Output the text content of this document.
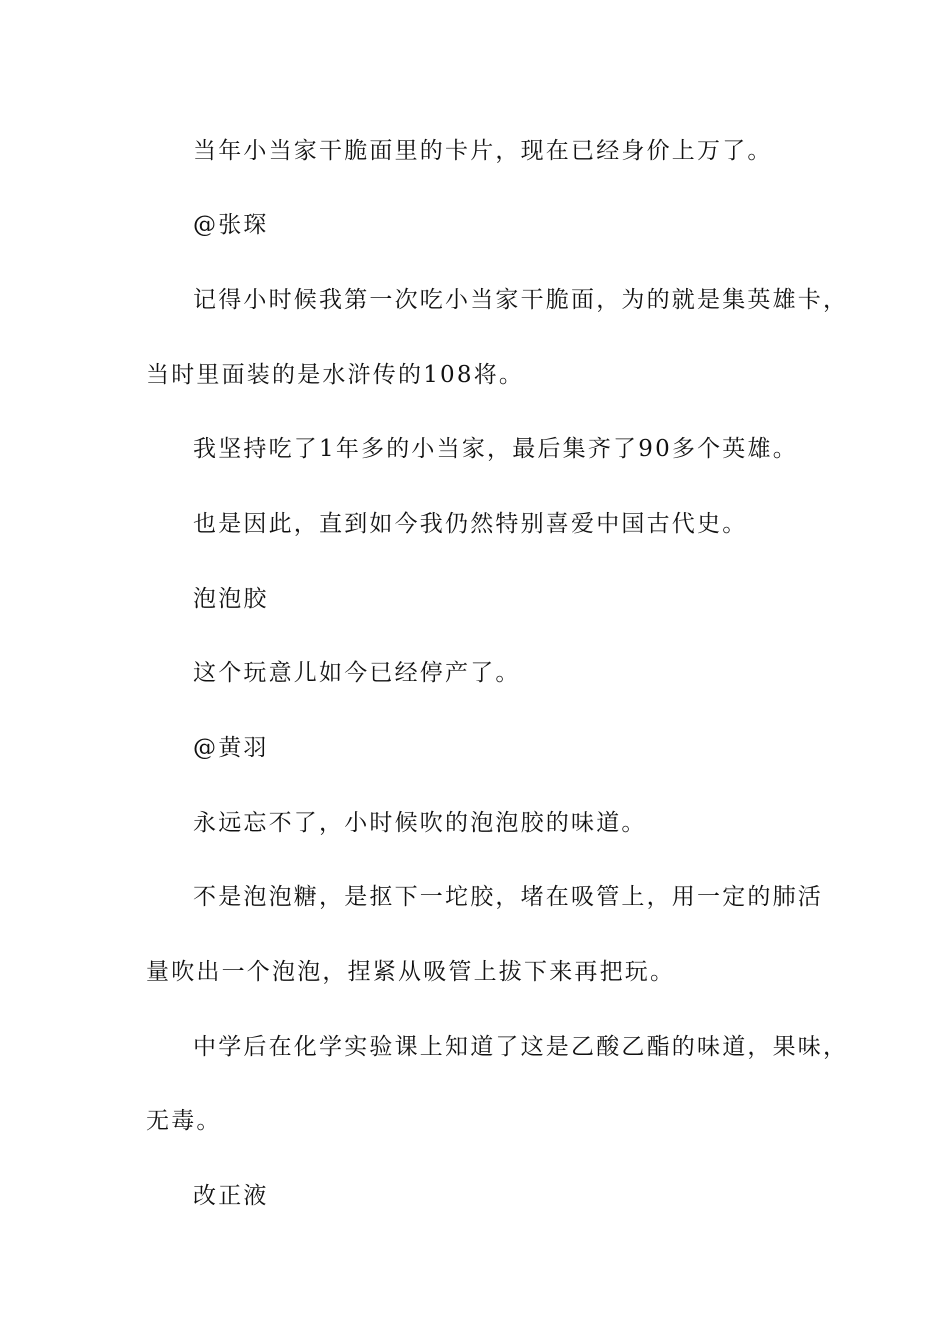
当年小当家干脆面里的卡片，现在已经身价上万了。
@张琛
记得小时候我第一次吃小当家干脆面，为的就是集英雄卡，
当时里面装的是水浒传的108将。
我坚持吃了1年多的小当家，最后集齐了90多个英雄。
也是因此，直到如今我仍然特别喜爱中国古代史。
泡泡胶
这个玩意儿如今已经停产了。
@黄羽
永远忘不了，小时候吹的泡泡胶的味道。
不是泡泡糖，是抠下一坨胶，堵在吸管上，用一定的肺活
量吹出一个泡泡，捏紧从吸管上拔下来再把玩。
中学后在化学实验课上知道了这是乙酸乙酯的味道，果味，
无毒。
改正液
